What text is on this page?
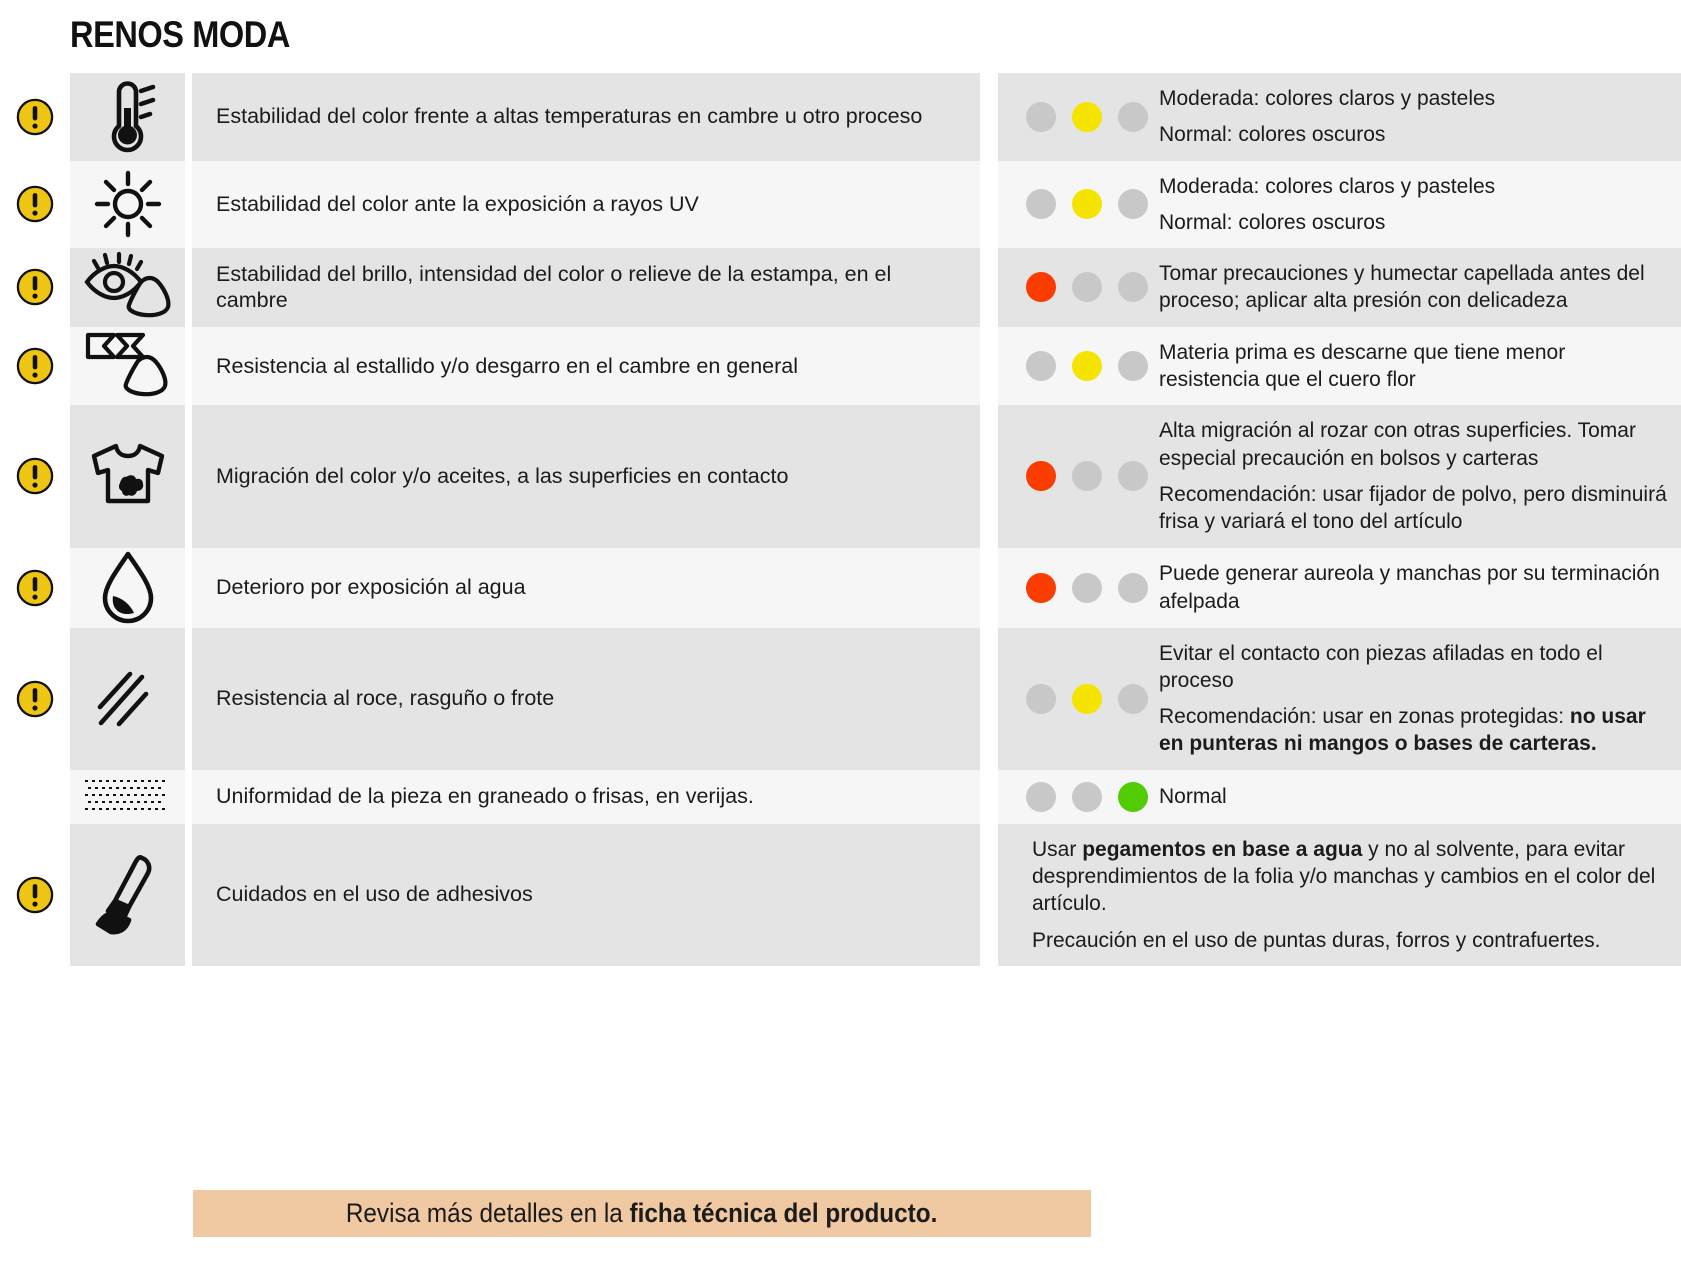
RENOS MODA
Estabilidad del color frente a altas temperaturas en cambre u otro proceso

Moderada: colores claros y pasteles

Normal: colores oscuros

Estabilidad del color ante la exposición a rayos UV

Moderada: colores claros y pasteles

Normal: colores oscuros

Estabilidad del brillo, intensidad del color o relieve de la estampa, en el cambre

Tomar precauciones y humectar capellada antes del proceso; aplicar alta presión con delicadeza

Resistencia al estallido y/o desgarro en el cambre en general

Materia prima es descarne que tiene menor resistencia que el cuero flor

Migración del color y/o aceites, a las superficies en contacto

Alta migración al rozar con otras superficies. Tomar especial precaución en bolsos y carteras

Recomendación: usar fijador de polvo, pero disminuirá frisa y variará el tono del artículo

Deterioro por exposición al agua

Puede generar aureola y manchas por su terminación afelpada

Resistencia al roce, rasguño o frote

Evitar el contacto con piezas afiladas en todo el proceso

Recomendación: usar en zonas protegidas: no usar en punteras ni mangos o bases de carteras.

Uniformidad de la pieza en graneado o frisas, en verijas.	Normal

Cuidados en el uso de adhesivos

Usar pegamentos en base a agua y no al solvente, para evitar desprendimientos de la folia y/o manchas y cambios en el color del artículo.

Precaución en el uso de puntas duras, forros y contrafuertes.

Revisa más detalles en la ficha técnica del producto.
